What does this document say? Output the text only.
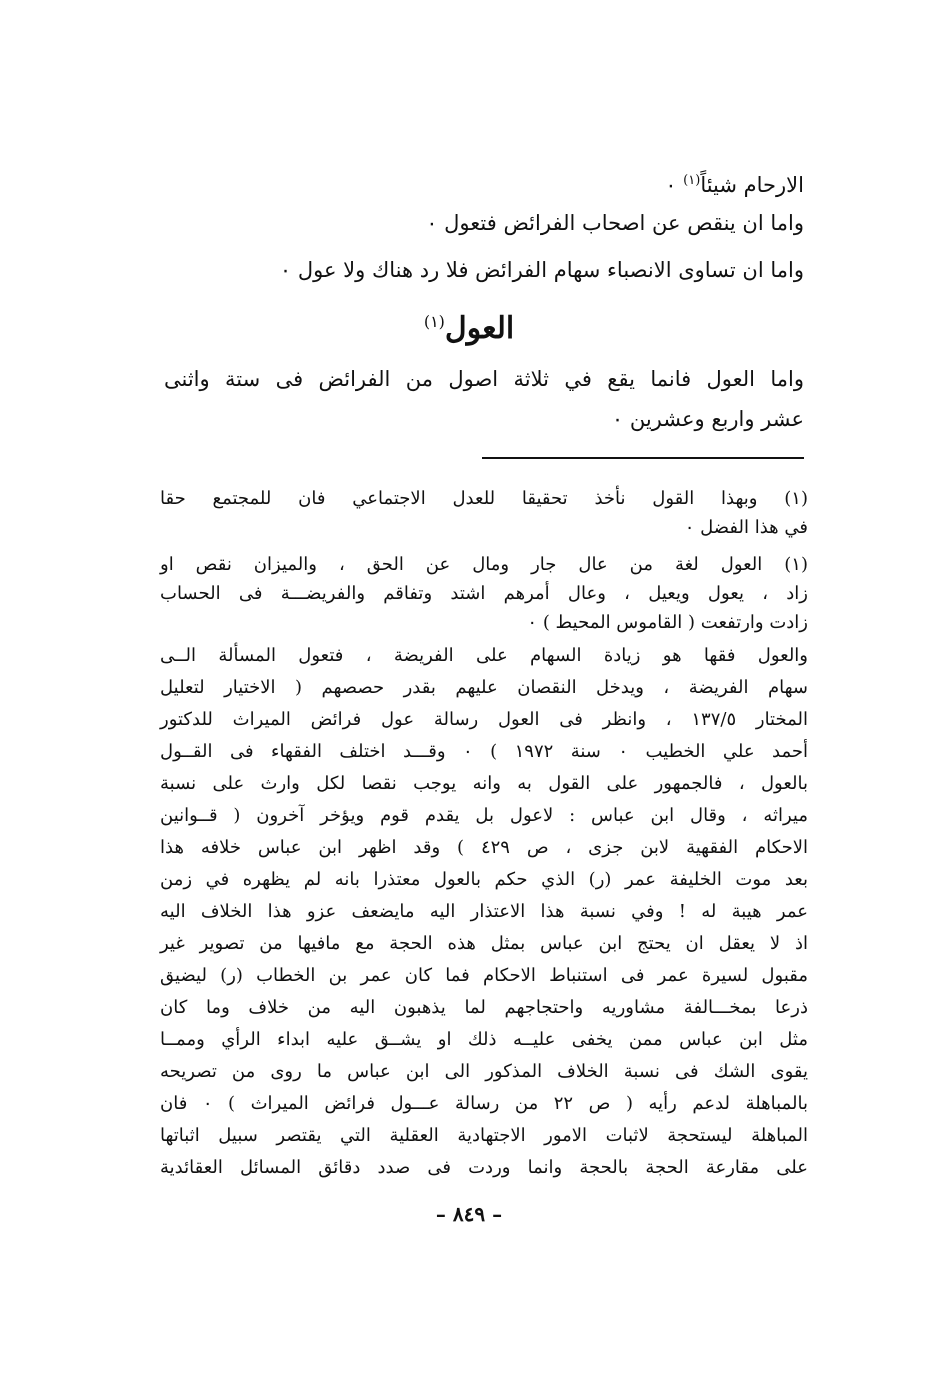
الارحام شيئاً$^{(١)}$ ٠
واما ان ينقص عن اصحاب الفرائض فتعول ٠
واما ان تساوى الانصباء سهام الفرائض فلا رد هناك ولا عول ٠
العول$^{(١)}$
واما العول فانما يقع في ثلاثة اصول من الفرائض فى ستة واثنى
عشر واربع وعشرين ٠
(١) وبهذا القول نأخذ تحقيقا للعدل الاجتماعي فان للمجتمع حقا
في هذا الفضل ٠
(١) العول لغة من عال جار ومال عن الحق ، والميزان نقص او
زاد ، يعول ويعيل ، وعال أمرهم اشتد وتفاقم والفريضـــة فى الحساب
زادت وارتفعت ( القاموس المحيط ) ٠
والعول فقها هو زيادة السهام على الفريضة ، فتعول المسألة الــى
سهام الفريضة ، ويدخل النقصان عليهم بقدر حصصهم ( الاختيار لتعليل
المختار ١٣٧/٥ ، وانظر فى العول رسالة عول فرائض الميراث للدكتور
أحمد علي الخطيب ٠ سنة ١٩٧٢ ) ٠ وقـــد اختلف الفقهاء فى القــول
بالعول ، فالجمهور على القول به وانه يوجب نقصا لكل وارث على نسبة
ميراثه ، وقال ابن عباس : لاعول بل يقدم قوم ويؤخر آخرون ( قــوانين
الاحكام الفقهية لابن جزى ، ص ٤٢٩ ) وقد اظهر ابن عباس خلافه هذا
بعد موت الخليفة عمر (ر) الذي حكم بالعول معتذرا بانه لم يظهره في زمن
عمر هيبة له ! وفي نسبة هذا الاعتذار اليه مايضعف عزو هذا الخلاف اليه
اذ لا يعقل ان يحتج ابن عباس بمثل هذه الحجة مع مافيها من تصوير غير
مقبول لسيرة عمر فى استنباط الاحكام فما كان عمر بن الخطاب (ر) ليضيق
ذرعا بمخـــالفة مشاوريه واحتجاجهم لما يذهبون اليه من خلاف وما كان
مثل ابن عباس ممن يخفى عليــه ذلك او يشــق عليه ابداء الرأي وممــا
يقوى الشك فى نسبة الخلاف المذكور الى ابن عباس ما روى من تصريحه
بالمباهلة لدعم رأيه ( ص ٢٢ من رسالة عـــول فرائض الميراث ) ٠ فان
المباهلة ليستحجة لاثبات الامور الاجتهادية العقلية التي يقتصر سبيل اثباتها
على مقارعة الحجة بالحجة وانما وردت فى صدد دقائق المسائل العقائدية
– ٨٤٩ –
